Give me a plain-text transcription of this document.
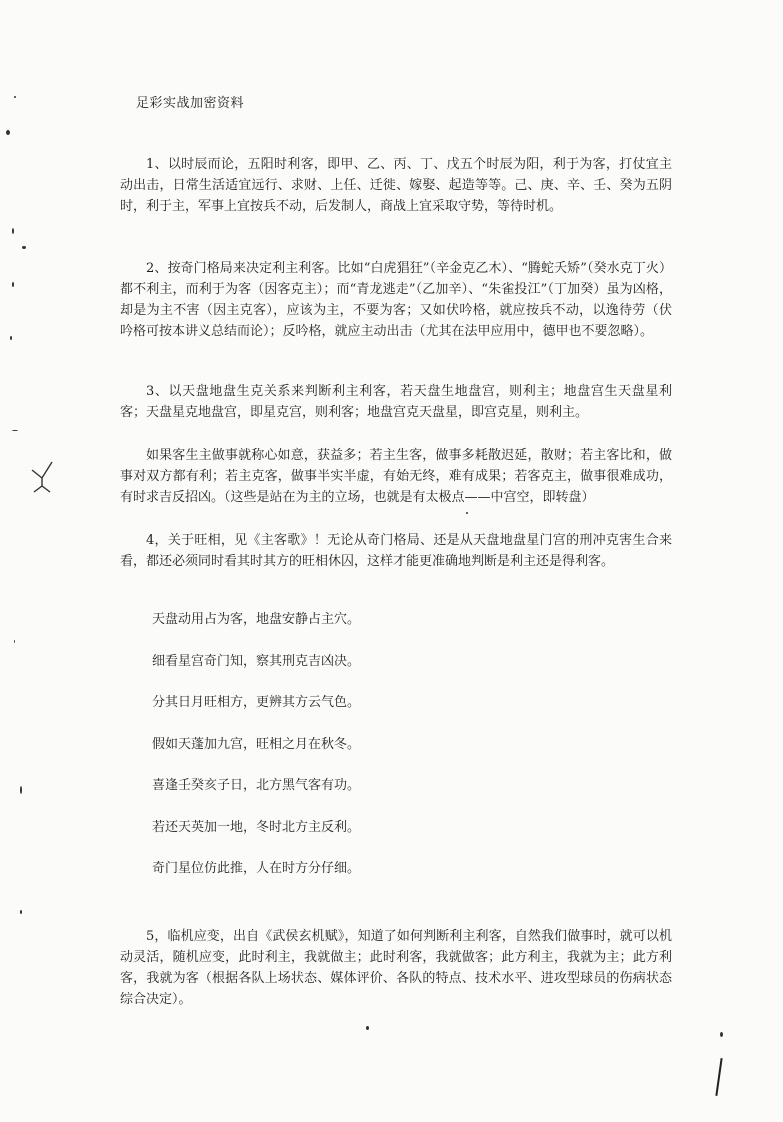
足彩实战加密资料

1、以时辰而论，五阳时利客，即甲、乙、丙、丁、戊五个时辰为阳，利于为客，打仗宜主动出击，日常生活适宜远行、求财、上任、迁徙、嫁娶、起造等等。己、庚、辛、壬、癸为五阴时，利于主，军事上宜按兵不动，后发制人，商战上宜采取守势，等待时机。

2、按奇门格局来决定利主利客。比如“白虎猖狂”（辛金克乙木）、“腾蛇夭矫”（癸水克丁火）都不利主，而利于为客（因客克主）；而“青龙逃走”（乙加辛）、“朱雀投江”（丁加癸）虽为凶格，却是为主不害（因主克客），应该为主，不要为客；又如伏吟格，就应按兵不动，以逸待劳（伏吟格可按本讲义总结而论）；反吟格，就应主动出击（尤其在法甲应用中，德甲也不要忽略）。

3、以天盘地盘生克关系来判断利主利客，若天盘生地盘宫，则利主；地盘宫生天盘星利客；天盘星克地盘宫，即星克宫，则利客；地盘宫克天盘星，即宫克星，则利主。

如果客生主做事就称心如意，获益多；若主生客，做事多耗散迟延，散财；若主客比和，做事对双方都有利；若主克客，做事半实半虚，有始无终，难有成果；若客克主，做事很难成功，有时求吉反招凶。（这些是站在为主的立场，也就是有太极点——中宫空，即转盘）

4，关于旺相，见《主客歌》！无论从奇门格局、还是从天盘地盘星门宫的刑冲克害生合来看，都还必须同时看其时其方的旺相休囚，这样才能更准确地判断是利主还是得利客。

天盘动用占为客，地盘安静占主穴。
细看星宫奇门知，察其刑克吉凶决。
分其日月旺相方，更辨其方云气色。
假如天蓬加九宫，旺相之月在秋冬。
喜逢壬癸亥子日，北方黑气客有功。
若还天英加一地，冬时北方主反利。
奇门星位仿此推，人在时方分仔细。

5，临机应变，出自《武侯玄机赋》，知道了如何判断利主利客，自然我们做事时，就可以机动灵活，随机应变，此时利主，我就做主；此时利客，我就做客；此方利主，我就为主；此方利客，我就为客（根据各队上场状态、媒体评价、各队的特点、技术水平、进攻型球员的伤病状态综合决定）。
